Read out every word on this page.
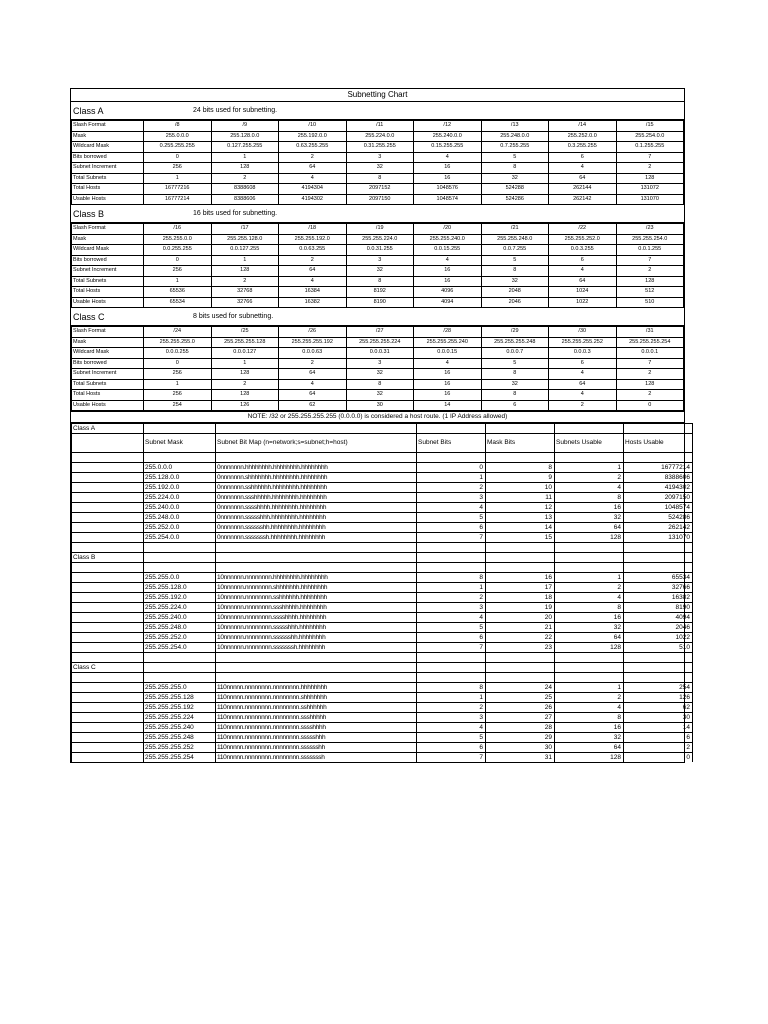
Subnetting Chart
Class A	24 bits used for subnetting.
Slash Format	/8	/9	/10	/11	/12	/13	/14	/15
Mask	255.0.0.0	255.128.0.0	255.192.0.0	255.224.0.0	255.240.0.0	255.248.0.0	255.252.0.0	255.254.0.0
Wildcard Mask	0.255.255.255	0.127.255.255	0.63.255.255	0.31.255.255	0.15.255.255	0.7.255.255	0.3.255.255	0.1.255.255
Bits borrowed	0	1	2	3	4	5	6	7
Subnet Increment	256	128	64	32	16	8	4	2
Total Subnets	1	2	4	8	16	32	64	128
Total Hosts	16777216	8388608	4194304	2097152	1048576	524288	262144	131072
Usable Hosts	16777214	8388606	4194302	2097150	1048574	524286	262142	131070
Class B	16 bits used for subnetting.
Slash Format	/16	/17	/18	/19	/20	/21	/22	/23
Mask	255.255.0.0	255.255.128.0	255.255.192.0	255.255.224.0	255.255.240.0	255.255.248.0	255.255.252.0	255.255.254.0
Wildcard Mask	0.0.255.255	0.0.127.255	0.0.63.255	0.0.31.255	0.0.15.255	0.0.7.255	0.0.3.255	0.0.1.255
Bits borrowed	0	1	2	3	4	5	6	7
Subnet Increment	256	128	64	32	16	8	4	2
Total Subnets	1	2	4	8	16	32	64	128
Total Hosts	65536	32768	16384	8192	4096	2048	1024	512
Usable Hosts	65534	32766	16382	8190	4094	2046	1022	510
Class C	8 bits used for subnetting.
Slash Format	/24	/25	/26	/27	/28	/29	/30	/31
Mask	255.255.255.0	255.255.255.128	255.255.255.192	255.255.255.224	255.255.255.240	255.255.255.248	255.255.255.252	255.255.255.254
Wildcard Mask	0.0.0.255	0.0.0.127	0.0.0.63	0.0.0.31	0.0.0.15	0.0.0.7	0.0.0.3	0.0.0.1
Bits borrowed	0	1	2	3	4	5	6	7
Subnet Increment	256	128	64	32	16	8	4	2
Total Subnets	1	2	4	8	16	32	64	128
Total Hosts	256	128	64	32	16	8	4	2
Usable Hosts	254	126	62	30	14	6	2	0
NOTE: /32 or 255.255.255.255 (0.0.0.0) is considered a host route. (1 IP Address allowed)
Class A						
	Subnet Mask	Subnet Bit Map (n=network;s=subnet;h=host)	Subnet Bits	Mask Bits	Subnets Usable	Hosts Usable

	255.0.0.0	0nnnnnnn.hhhhhhhh.hhhhhhhh.hhhhhhhh	0	8	1	16777214
	255.128.0.0	0nnnnnnn.shhhhhhh.hhhhhhhh.hhhhhhhh	1	9	2	8388606
	255.192.0.0	0nnnnnnn.sshhhhhh.hhhhhhhh.hhhhhhhh	2	10	4	4194302
	255.224.0.0	0nnnnnnn.ssshhhhh.hhhhhhhh.hhhhhhhh	3	11	8	2097150
	255.240.0.0	0nnnnnnn.sssshhhh.hhhhhhhh.hhhhhhhh	4	12	16	1048574
	255.248.0.0	0nnnnnnn.ssssshhh.hhhhhhhh.hhhhhhhh	5	13	32	524286
	255.252.0.0	0nnnnnnn.sssssshh.hhhhhhhh.hhhhhhhh	6	14	64	262142
	255.254.0.0	0nnnnnnn.sssssssh.hhhhhhhh.hhhhhhhh	7	15	128	131070

Class B						

	255.255.0.0	10nnnnnn.nnnnnnnn.hhhhhhhh.hhhhhhhh	8	16	1	65534
	255.255.128.0	10nnnnnn.nnnnnnnn.shhhhhhh.hhhhhhhh	1	17	2	32766
	255.255.192.0	10nnnnnn.nnnnnnnn.sshhhhhh.hhhhhhhh	2	18	4	16382
	255.255.224.0	10nnnnnn.nnnnnnnn.ssshhhhh.hhhhhhhh	3	19	8	8190
	255.255.240.0	10nnnnnn.nnnnnnnn.sssshhhh.hhhhhhhh	4	20	16	4094
	255.255.248.0	10nnnnnn.nnnnnnnn.ssssshhh.hhhhhhhh	5	21	32	2046
	255.255.252.0	10nnnnnn.nnnnnnnn.sssssshh.hhhhhhhh	6	22	64	1022
	255.255.254.0	10nnnnnn.nnnnnnnn.sssssssh.hhhhhhhh	7	23	128	510

Class C						

	255.255.255.0	110nnnnn.nnnnnnnn.nnnnnnnn.hhhhhhhh	8	24	1	254
	255.255.255.128	110nnnnn.nnnnnnnn.nnnnnnnn.shhhhhhh	1	25	2	126
	255.255.255.192	110nnnnn.nnnnnnnn.nnnnnnnn.sshhhhhh	2	26	4	62
	255.255.255.224	110nnnnn.nnnnnnnn.nnnnnnnn.ssshhhhh	3	27	8	30
	255.255.255.240	110nnnnn.nnnnnnnn.nnnnnnnn.sssshhhh	4	28	16	14
	255.255.255.248	110nnnnn.nnnnnnnn.nnnnnnnn.ssssshhh	5	29	32	6
	255.255.255.252	110nnnnn.nnnnnnnn.nnnnnnnn.sssssshh	6	30	64	2
	255.255.255.254	110nnnnn.nnnnnnnn.nnnnnnnn.sssssssh	7	31	128	0
